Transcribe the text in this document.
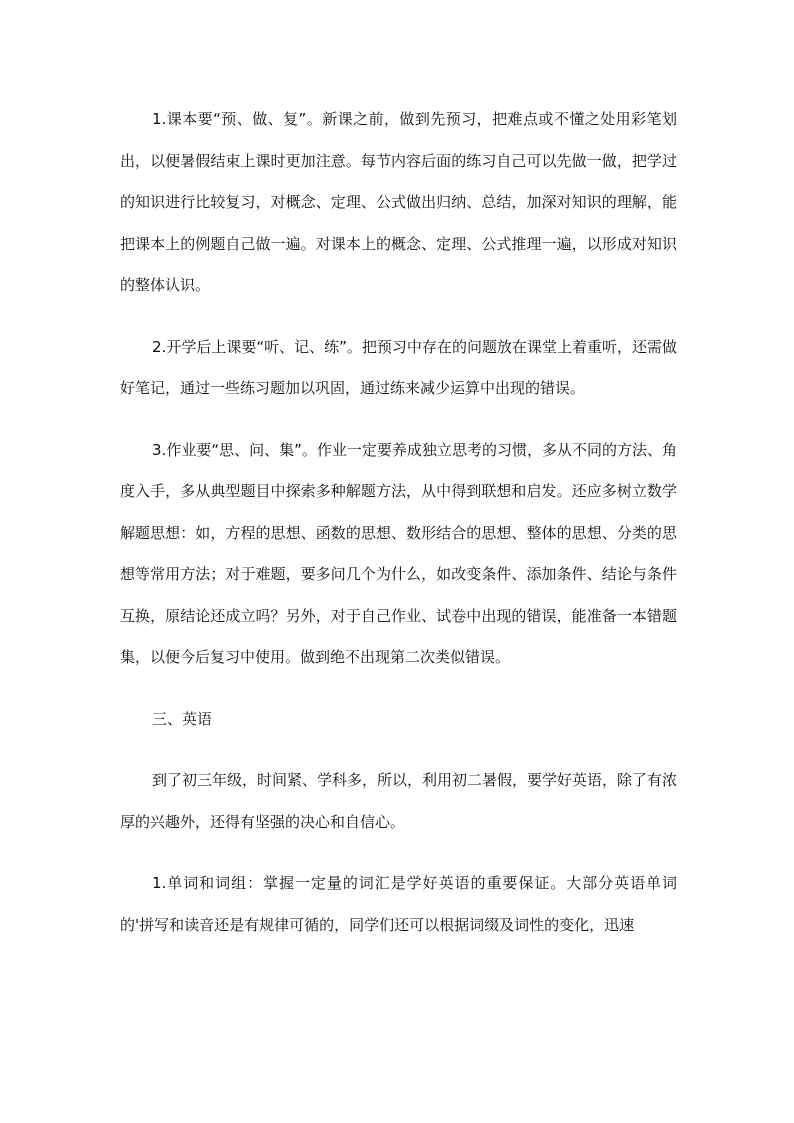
1.课本要“预、做、复”。新课之前，做到先预习，把难点或不懂之处用彩笔划出，以便暑假结束上课时更加注意。每节内容后面的练习自己可以先做一做，把学过的知识进行比较复习，对概念、定理、公式做出归纳、总结，加深对知识的理解，能把课本上的例题自己做一遍。对课本上的概念、定理、公式推理一遍，以形成对知识的整体认识。

2.开学后上课要“听、记、练”。把预习中存在的问题放在课堂上着重听，还需做好笔记，通过一些练习题加以巩固，通过练来减少运算中出现的错误。

3.作业要“思、问、集”。作业一定要养成独立思考的习惯，多从不同的方法、角度入手，多从典型题目中探索多种解题方法，从中得到联想和启发。还应多树立数学解题思想：如，方程的思想、函数的思想、数形结合的思想、整体的思想、分类的思想等常用方法；对于难题，要多问几个为什么，如改变条件、添加条件、结论与条件互换，原结论还成立吗？另外，对于自己作业、试卷中出现的错误，能准备一本错题集，以便今后复习中使用。做到绝不出现第二次类似错误。

三、英语

到了初三年级，时间紧、学科多，所以，利用初二暑假，要学好英语，除了有浓厚的兴趣外，还得有坚强的决心和自信心。

1.单词和词组：掌握一定量的词汇是学好英语的重要保证。大部分英语单词的'拼写和读音还是有规律可循的，同学们还可以根据词缀及词性的变化，迅速
